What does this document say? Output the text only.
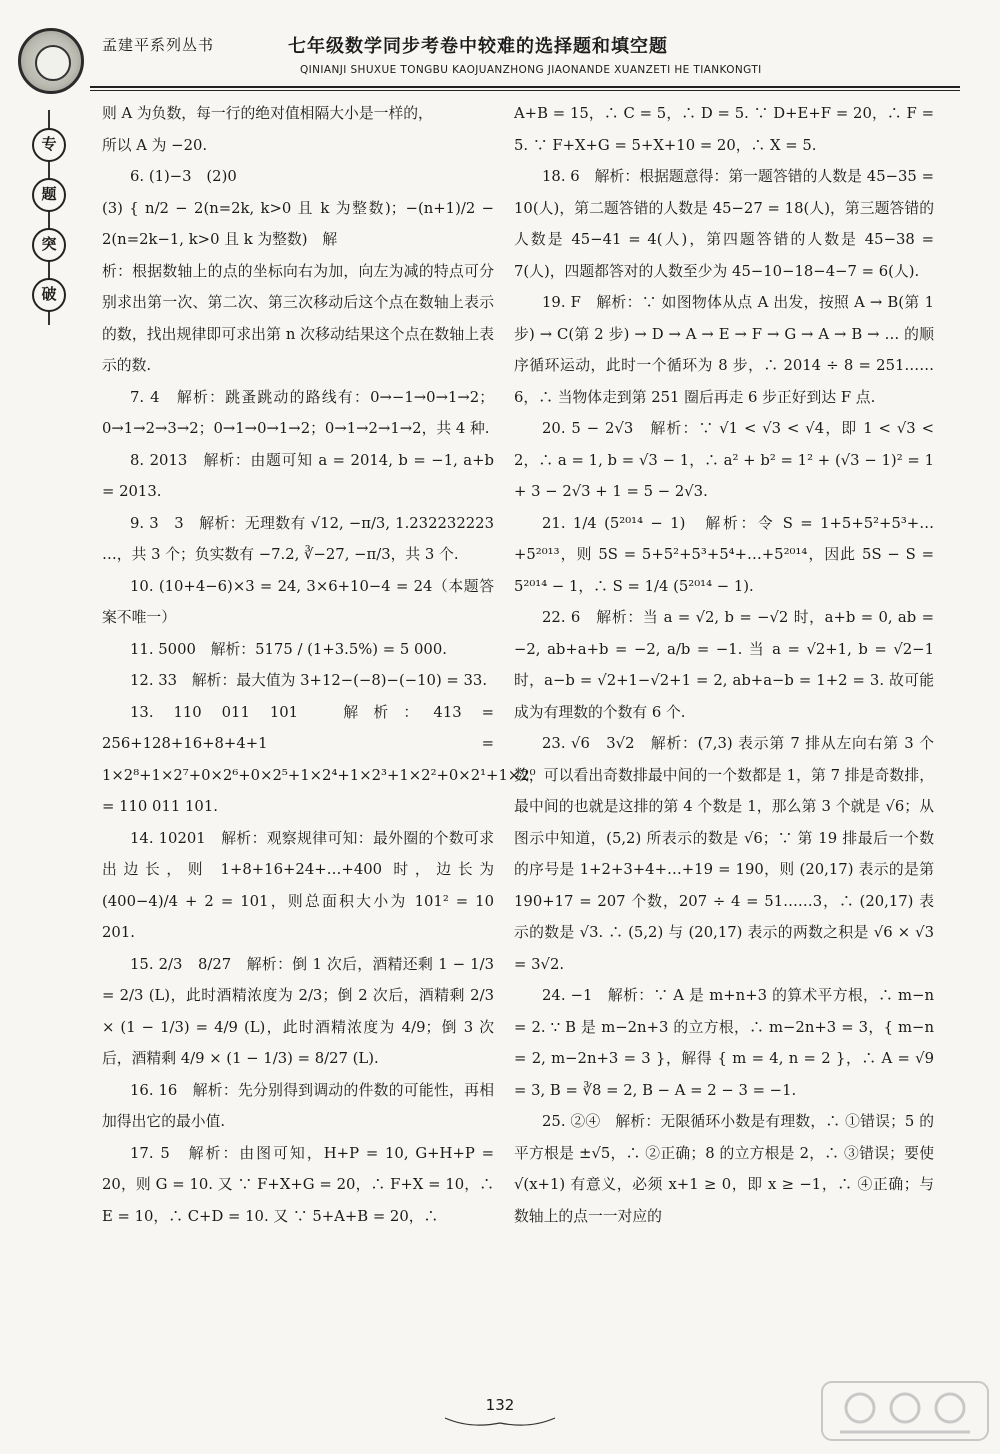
孟建平系列丛书	七年级数学同步考卷中较难的选择题和填空题
QINIANJI SHUXUE TONGBU KAOJUANZHONG JIAONANDE XUANZETI HE TIANKONGTI
专
题
突
破

则 A 为负数，每一行的绝对值相隔大小是一样的，

所以 A 为 −20.

6. (1)−3　(2)0

(3) { n/2 − 2(n=2k, k>0 且 k 为整数)；−(n+1)/2 − 2(n=2k−1, k>0 且 k 为整数)　解

析：根据数轴上的点的坐标向右为加，向左为减的特点可分别求出第一次、第二次、第三次移动后这个点在数轴上表示的数，找出规律即可求出第 n 次移动结果这个点在数轴上表示的数.

7. 4　解析：跳蚤跳动的路线有：0→−1→0→1→2；0→1→2→3→2；0→1→0→1→2；0→1→2→1→2，共 4 种.

8. 2013　解析：由题可知 a = 2014, b = −1, a+b = 2013.

9. 3　3　解析：无理数有 √12, −π/3, 1.232232223 …，共 3 个；负实数有 −7.2, ∛−27, −π/3，共 3 个.

10. (10+4−6)×3 = 24, 3×6+10−4 = 24（本题答案不唯一）

11. 5000　解析：5175 / (1+3.5%) = 5 000.

12. 33　解析：最大值为 3+12−(−8)−(−10) = 33.

13. 110 011 101　解析：413 = 256+128+16+8+4+1 = 1×2⁸+1×2⁷+0×2⁶+0×2⁵+1×2⁴+1×2³+1×2²+0×2¹+1×2⁰ = 110 011 101.

14. 10201　解析：观察规律可知：最外圈的个数可求出边长，则 1+8+16+24+…+400 时，边长为 (400−4)/4 + 2 = 101，则总面积大小为 101² = 10 201.

15. 2/3　8/27　解析：倒 1 次后，酒精还剩 1 − 1/3 = 2/3 (L)，此时酒精浓度为 2/3；倒 2 次后，酒精剩 2/3 × (1 − 1/3) = 4/9 (L)，此时酒精浓度为 4/9；倒 3 次后，酒精剩 4/9 × (1 − 1/3) = 8/27 (L).

16. 16　解析：先分别得到调动的件数的可能性，再相加得出它的最小值.

17. 5　解析：由图可知，H+P = 10, G+H+P = 20，则 G = 10. 又 ∵ F+X+G = 20，∴ F+X = 10，∴ E = 10，∴ C+D = 10. 又 ∵ 5+A+B = 20，∴

A+B = 15，∴ C = 5，∴ D = 5. ∵ D+E+F = 20，∴ F = 5. ∵ F+X+G = 5+X+10 = 20，∴ X = 5.

18. 6　解析：根据题意得：第一题答错的人数是 45−35 = 10(人)，第二题答错的人数是 45−27 = 18(人)，第三题答错的人数是 45−41 = 4(人)，第四题答错的人数是 45−38 = 7(人)，四题都答对的人数至少为 45−10−18−4−7 = 6(人).

19. F　解析：∵ 如图物体从点 A 出发，按照 A → B(第 1 步) → C(第 2 步) → D → A → E → F → G → A → B → … 的顺序循环运动，此时一个循环为 8 步，∴ 2014 ÷ 8 = 251……6，∴ 当物体走到第 251 圈后再走 6 步正好到达 F 点.

20. 5 − 2√3　解析：∵ √1 < √3 < √4，即 1 < √3 < 2，∴ a = 1, b = √3 − 1，∴ a² + b² = 1² + (√3 − 1)² = 1 + 3 − 2√3 + 1 = 5 − 2√3.

21. 1/4 (5²⁰¹⁴ − 1)　解析：令 S = 1+5+5²+5³+…+5²⁰¹³，则 5S = 5+5²+5³+5⁴+…+5²⁰¹⁴，因此 5S − S = 5²⁰¹⁴ − 1，∴ S = 1/4 (5²⁰¹⁴ − 1).

22. 6　解析：当 a = √2, b = −√2 时，a+b = 0, ab = −2, ab+a+b = −2, a/b = −1. 当 a = √2+1, b = √2−1 时，a−b = √2+1−√2+1 = 2, ab+a−b = 1+2 = 3. 故可能成为有理数的个数有 6 个.

23. √6　3√2　解析：(7,3) 表示第 7 排从左向右第 3 个数，可以看出奇数排最中间的一个数都是 1，第 7 排是奇数排，最中间的也就是这排的第 4 个数是 1，那么第 3 个就是 √6；从图示中知道，(5,2) 所表示的数是 √6；∵ 第 19 排最后一个数的序号是 1+2+3+4+…+19 = 190，则 (20,17) 表示的是第 190+17 = 207 个数，207 ÷ 4 = 51……3，∴ (20,17) 表示的数是 √3. ∴ (5,2) 与 (20,17) 表示的两数之积是 √6 × √3 = 3√2.

24. −1　解析：∵ A 是 m+n+3 的算术平方根，∴ m−n = 2. ∵ B 是 m−2n+3 的立方根，∴ m−2n+3 = 3，{ m−n = 2, m−2n+3 = 3 }，解得 { m = 4, n = 2 }，∴ A = √9 = 3, B = ∛8 = 2, B − A = 2 − 3 = −1.

25. ②④　解析：无限循环小数是有理数，∴ ①错误；5 的平方根是 ±√5，∴ ②正确；8 的立方根是 2，∴ ③错误；要使 √(x+1) 有意义，必须 x+1 ≥ 0，即 x ≥ −1，∴ ④正确；与数轴上的点一一对应的

132
